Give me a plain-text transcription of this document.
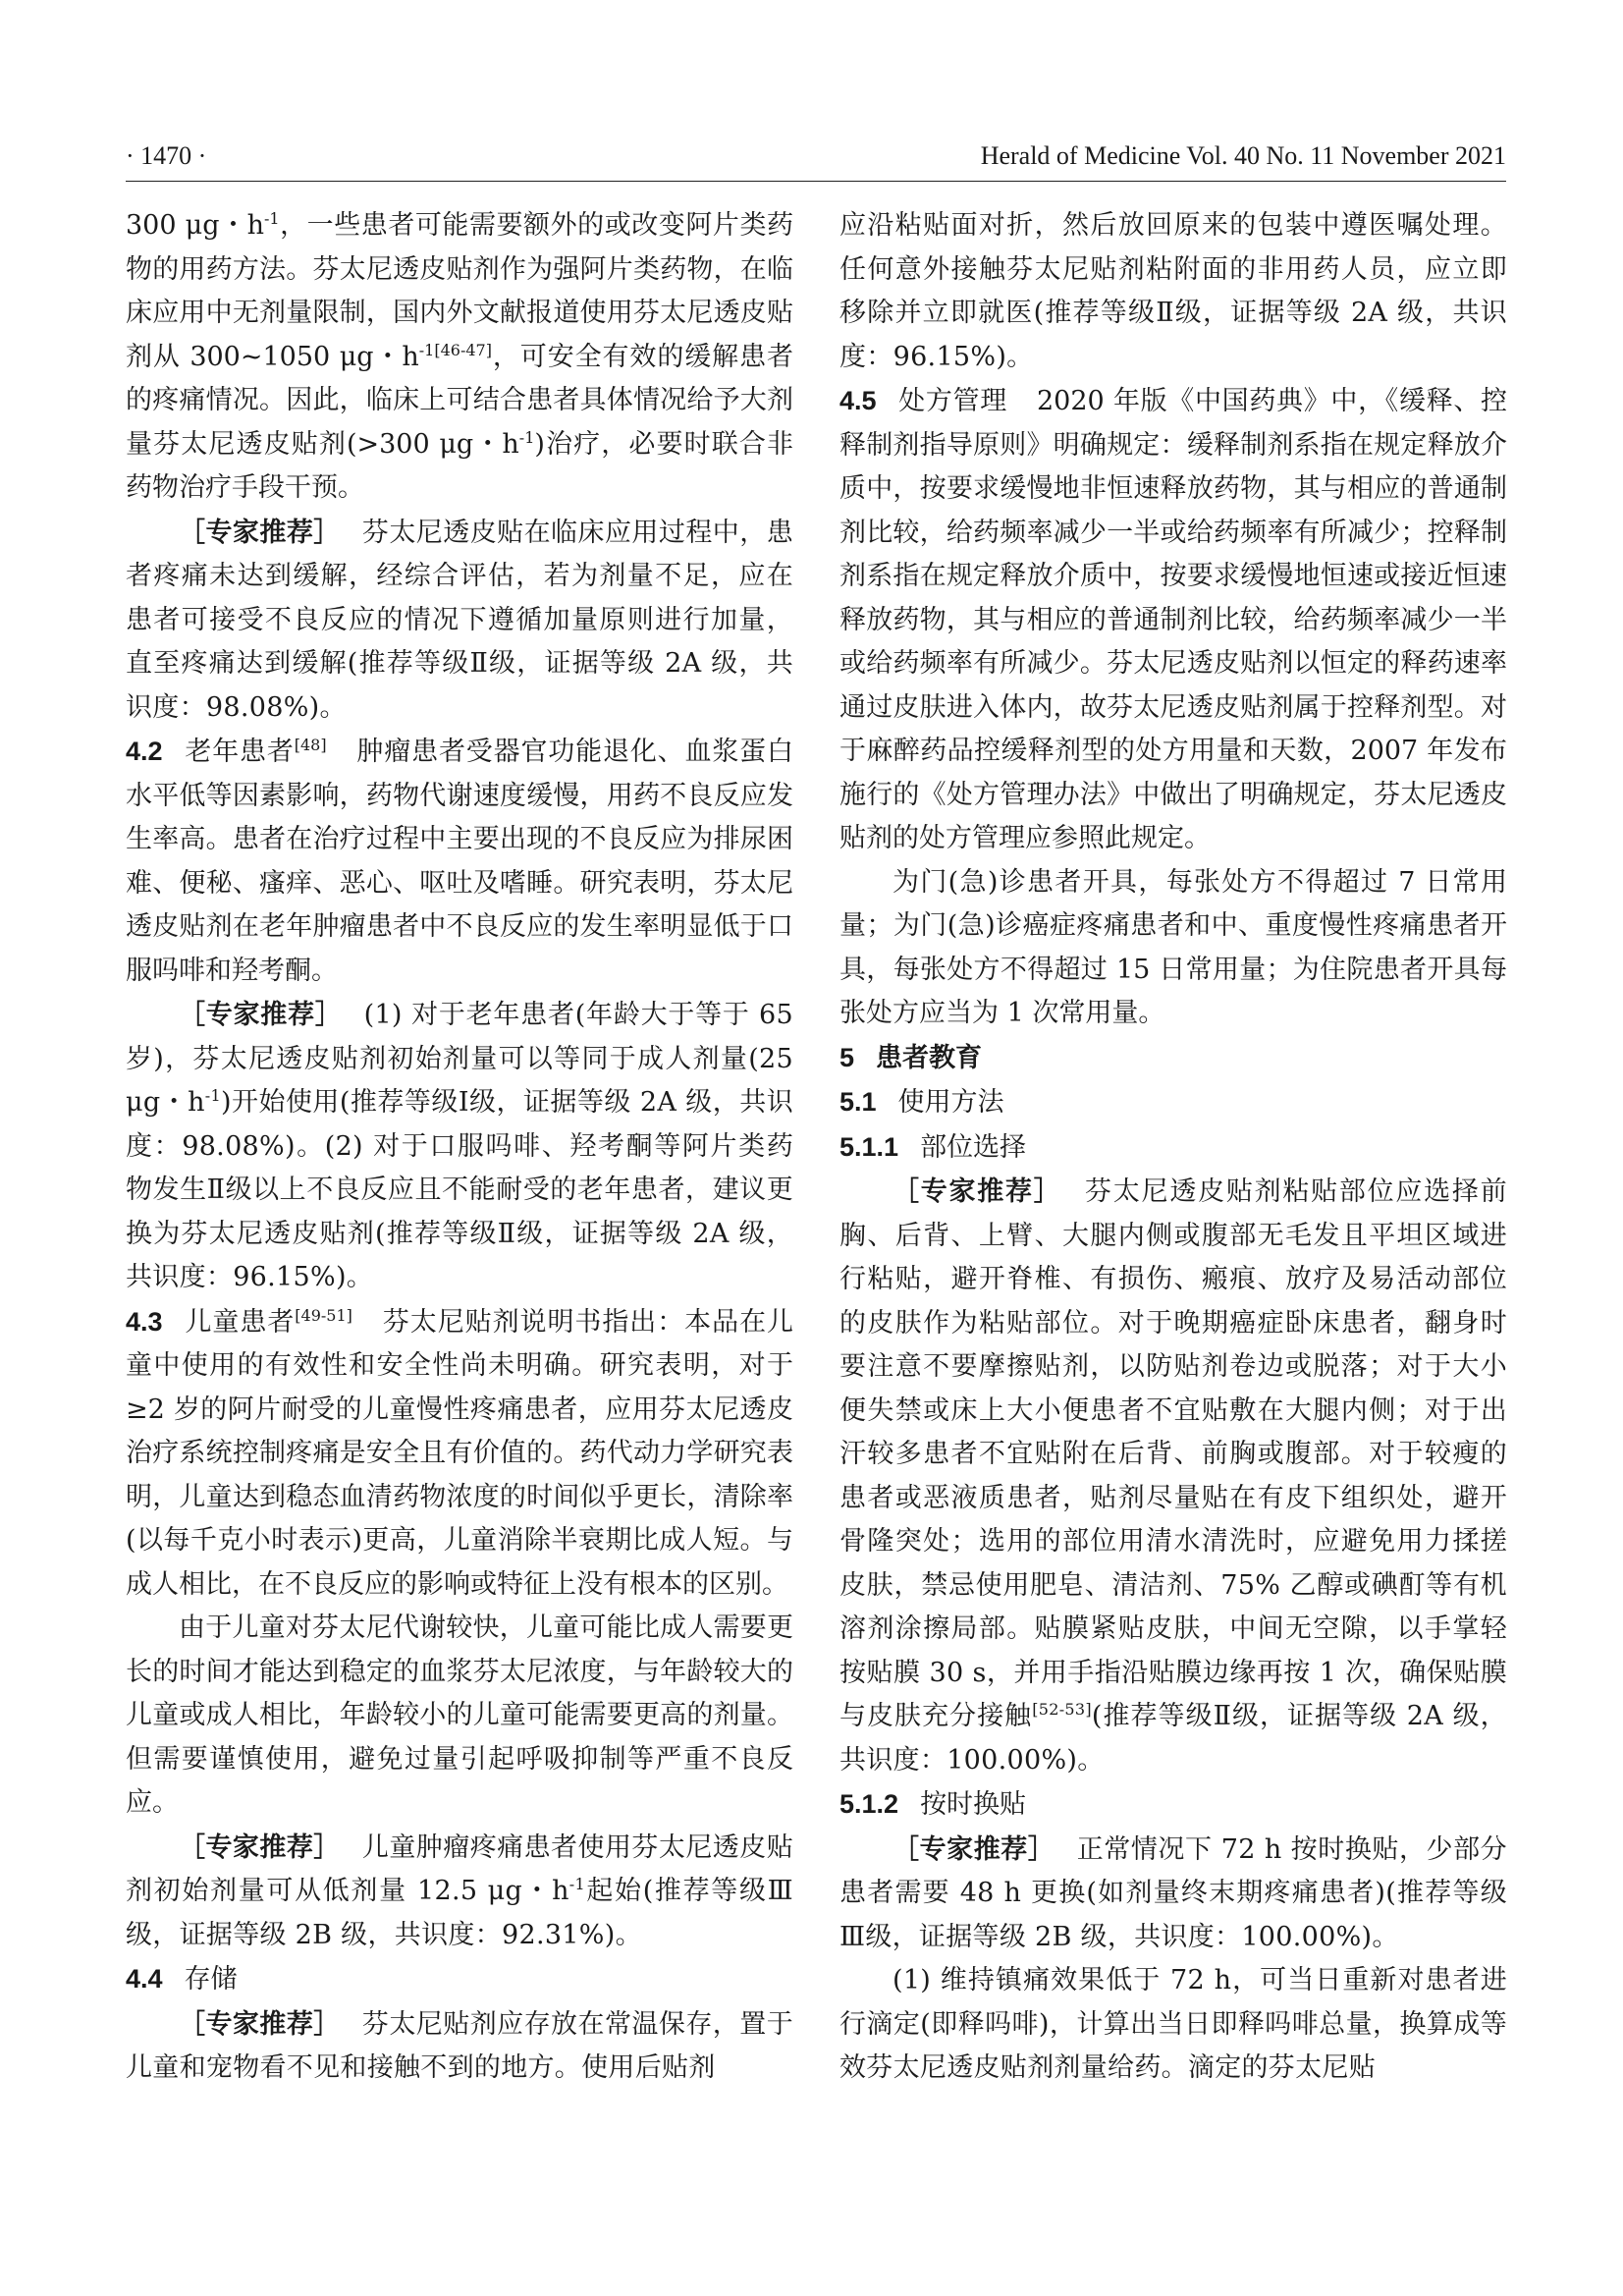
· 1470 ·	Herald of Medicine Vol. 40 No. 11 November 2021

300 μg・$h^{-1}$，一些患者可能需要额外的或改变阿片类药物的用药方法。芬太尼透皮贴剂作为强阿片类药物，在临床应用中无剂量限制，国内外文献报道使用芬太尼透皮贴剂从 300~1050 μg・$h^{-1[46-47]}$，可安全有效的缓解患者的疼痛情况。因此，临床上可结合患者具体情况给予大剂量芬太尼透皮贴剂(>300 μg・$h^{-1}$)治疗，必要时联合非药物治疗手段干预。

［专家推荐］ 芬太尼透皮贴在临床应用过程中，患者疼痛未达到缓解，经综合评估，若为剂量不足，应在患者可接受不良反应的情况下遵循加量原则进行加量，直至疼痛达到缓解(推荐等级Ⅱ级，证据等级 2A 级，共识度：98.08%)。

4.2 老年患者[48] 肿瘤患者受器官功能退化、血浆蛋白水平低等因素影响，药物代谢速度缓慢，用药不良反应发生率高。患者在治疗过程中主要出现的不良反应为排尿困难、便秘、瘙痒、恶心、呕吐及嗜睡。研究表明，芬太尼透皮贴剂在老年肿瘤患者中不良反应的发生率明显低于口服吗啡和羟考酮。

［专家推荐］ (1) 对于老年患者(年龄大于等于 65 岁)，芬太尼透皮贴剂初始剂量可以等同于成人剂量(25 μg・$h^{-1}$)开始使用(推荐等级Ⅰ级，证据等级 2A 级，共识度：98.08%)。(2) 对于口服吗啡、羟考酮等阿片类药物发生Ⅱ级以上不良反应且不能耐受的老年患者，建议更换为芬太尼透皮贴剂(推荐等级Ⅱ级，证据等级 2A 级，共识度：96.15%)。

4.3 儿童患者[49-51] 芬太尼贴剂说明书指出：本品在儿童中使用的有效性和安全性尚未明确。研究表明，对于≥2 岁的阿片耐受的儿童慢性疼痛患者，应用芬太尼透皮治疗系统控制疼痛是安全且有价值的。药代动力学研究表明，儿童达到稳态血清药物浓度的时间似乎更长，清除率(以每千克小时表示)更高，儿童消除半衰期比成人短。与成人相比，在不良反应的影响或特征上没有根本的区别。

由于儿童对芬太尼代谢较快，儿童可能比成人需要更长的时间才能达到稳定的血浆芬太尼浓度，与年龄较大的儿童或成人相比，年龄较小的儿童可能需要更高的剂量。但需要谨慎使用，避免过量引起呼吸抑制等严重不良反应。

［专家推荐］ 儿童肿瘤疼痛患者使用芬太尼透皮贴剂初始剂量可从低剂量 12.5 μg・$h^{-1}$起始(推荐等级Ⅲ级，证据等级 2B 级，共识度：92.31%)。

4.4 存储

［专家推荐］ 芬太尼贴剂应存放在常温保存，置于儿童和宠物看不见和接触不到的地方。使用后贴剂

应沿粘贴面对折，然后放回原来的包装中遵医嘱处理。任何意外接触芬太尼贴剂粘附面的非用药人员，应立即移除并立即就医(推荐等级Ⅱ级，证据等级 2A 级，共识度：96.15%)。

4.5 处方管理 2020 年版《中国药典》中，《缓释、控释制剂指导原则》明确规定：缓释制剂系指在规定释放介质中，按要求缓慢地非恒速释放药物，其与相应的普通制剂比较，给药频率减少一半或给药频率有所减少；控释制剂系指在规定释放介质中，按要求缓慢地恒速或接近恒速释放药物，其与相应的普通制剂比较，给药频率减少一半或给药频率有所减少。芬太尼透皮贴剂以恒定的释药速率通过皮肤进入体内，故芬太尼透皮贴剂属于控释剂型。对于麻醉药品控缓释剂型的处方用量和天数，2007 年发布施行的《处方管理办法》中做出了明确规定，芬太尼透皮贴剂的处方管理应参照此规定。

为门(急)诊患者开具，每张处方不得超过 7 日常用量；为门(急)诊癌症疼痛患者和中、重度慢性疼痛患者开具，每张处方不得超过 15 日常用量；为住院患者开具每张处方应当为 1 次常用量。

5 患者教育

5.1 使用方法

5.1.1 部位选择

［专家推荐］ 芬太尼透皮贴剂粘贴部位应选择前胸、后背、上臂、大腿内侧或腹部无毛发且平坦区域进行粘贴，避开脊椎、有损伤、瘢痕、放疗及易活动部位的皮肤作为粘贴部位。对于晚期癌症卧床患者，翻身时要注意不要摩擦贴剂，以防贴剂卷边或脱落；对于大小便失禁或床上大小便患者不宜贴敷在大腿内侧；对于出汗较多患者不宜贴附在后背、前胸或腹部。对于较瘦的患者或恶液质患者，贴剂尽量贴在有皮下组织处，避开骨隆突处；选用的部位用清水清洗时，应避免用力揉搓皮肤，禁忌使用肥皂、清洁剂、75% 乙醇或碘酊等有机溶剂涂擦局部。贴膜紧贴皮肤，中间无空隙，以手掌轻按贴膜 30 s，并用手指沿贴膜边缘再按 1 次，确保贴膜与皮肤充分接触[52-53](推荐等级Ⅱ级，证据等级 2A 级，共识度：100.00%)。

5.1.2 按时换贴

［专家推荐］ 正常情况下 72 h 按时换贴，少部分患者需要 48 h 更换(如剂量终末期疼痛患者)(推荐等级Ⅲ级，证据等级 2B 级，共识度：100.00%)。

(1) 维持镇痛效果低于 72 h，可当日重新对患者进行滴定(即释吗啡)，计算出当日即释吗啡总量，换算成等效芬太尼透皮贴剂剂量给药。滴定的芬太尼贴
